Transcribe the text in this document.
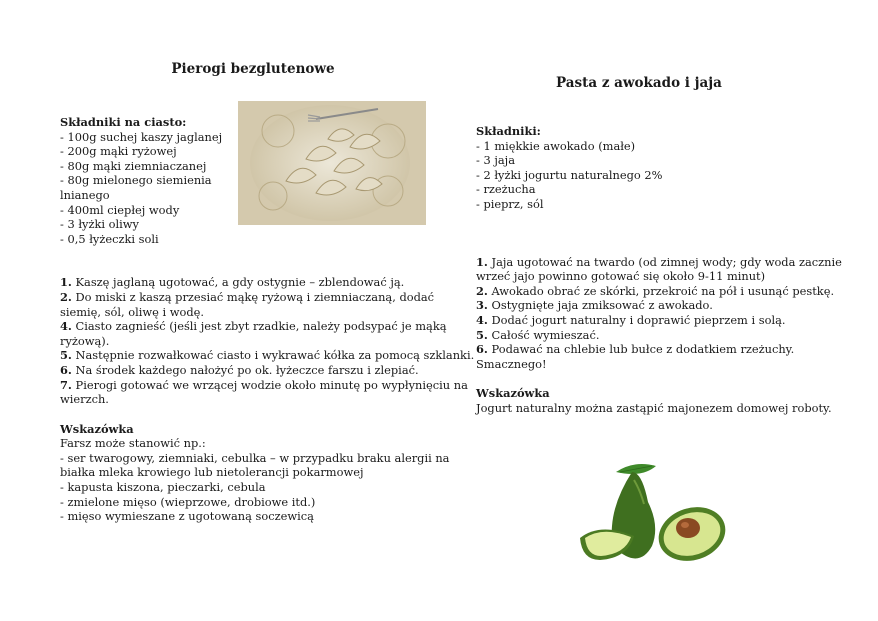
Pierogi bezglutenowe
Składniki na ciasto:
- 100g suchej kaszy jaglanej
- 200g mąki ryżowej
- 80g mąki ziemniaczanej
- 80g mielonego siemienia
lnianego
- 400ml ciepłej wody
- 3 łyżki oliwy
- 0,5 łyżeczki soli
1. Kaszę jaglaną ugotować, a gdy ostygnie – zblendować ją.
2. Do miski z kaszą przesiać mąkę ryżową i ziemniaczaną, dodać
siemię, sól, oliwę i wodę.
4. Ciasto zagnieść (jeśli jest zbyt rzadkie, należy podsypać je mąką
ryżową).
5. Następnie rozwałkować ciasto i wykrawać kółka za pomocą szklanki.
6. Na środek każdego nałożyć po ok. łyżeczce farszu i zlepiać.
7. Pierogi gotować we wrzącej wodzie około minutę po wypłynięciu na
wierzch.
Wskazówka
Farsz może stanowić np.:
- ser twarogowy, ziemniaki, cebulka – w przypadku braku alergii na
białka mleka krowiego lub nietolerancji pokarmowej
- kapusta kiszona, pieczarki, cebula
- zmielone mięso (wieprzowe, drobiowe itd.)
- mięso wymieszane z ugotowaną soczewicą
Pasta z awokado i jaja
Składniki:
- 1 miękkie awokado (małe)
- 3 jaja
- 2 łyżki jogurtu naturalnego 2%
- rzeżucha
- pieprz, sól
1. Jaja ugotować na twardo (od zimnej wody; gdy woda zacznie
wrzeć jajo powinno gotować się około 9-11 minut)
2. Awokado obrać ze skórki, przekroić na pół i usunąć pestkę.
3. Ostygnięte jaja zmiksować z awokado.
4. Dodać jogurt naturalny i doprawić pieprzem i solą.
5. Całość wymieszać.
6. Podawać na chlebie lub bułce z dodatkiem rzeżuchy.
Smacznego!
Wskazówka
Jogurt naturalny można zastąpić majonezem domowej roboty.
